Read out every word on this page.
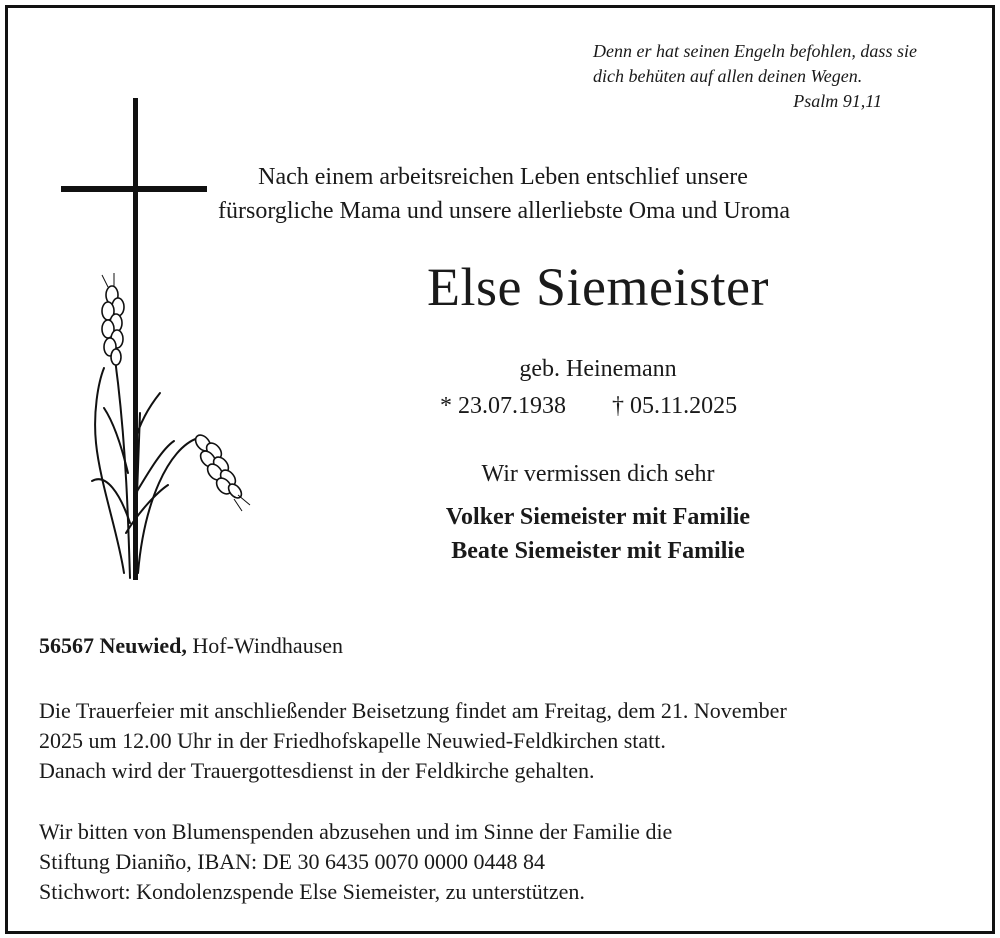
Denn er hat seinen Engeln befohlen, dass sie
dich behüten auf allen deinen Wegen.
Psalm 91,11
Nach einem arbeitsreichen Leben entschlief unsere
fürsorgliche Mama und unsere allerliebste Oma und Uroma
Else Siemeister
geb. Heinemann
* 23.07.1938 † 05.11.2025
Wir vermissen dich sehr
Volker Siemeister mit Familie
Beate Siemeister mit Familie
56567 Neuwied, Hof-Windhausen
Die Trauerfeier mit anschließender Beisetzung findet am Freitag, dem 21. November
2025 um 12.00 Uhr in der Friedhofskapelle Neuwied-Feldkirchen statt.
Danach wird der Trauergottesdienst in der Feldkirche gehalten.
Wir bitten von Blumenspenden abzusehen und im Sinne der Familie die
Stiftung Dianiño, IBAN: DE 30 6435 0070 0000 0448 84
Stichwort: Kondolenzspende Else Siemeister, zu unterstützen.
